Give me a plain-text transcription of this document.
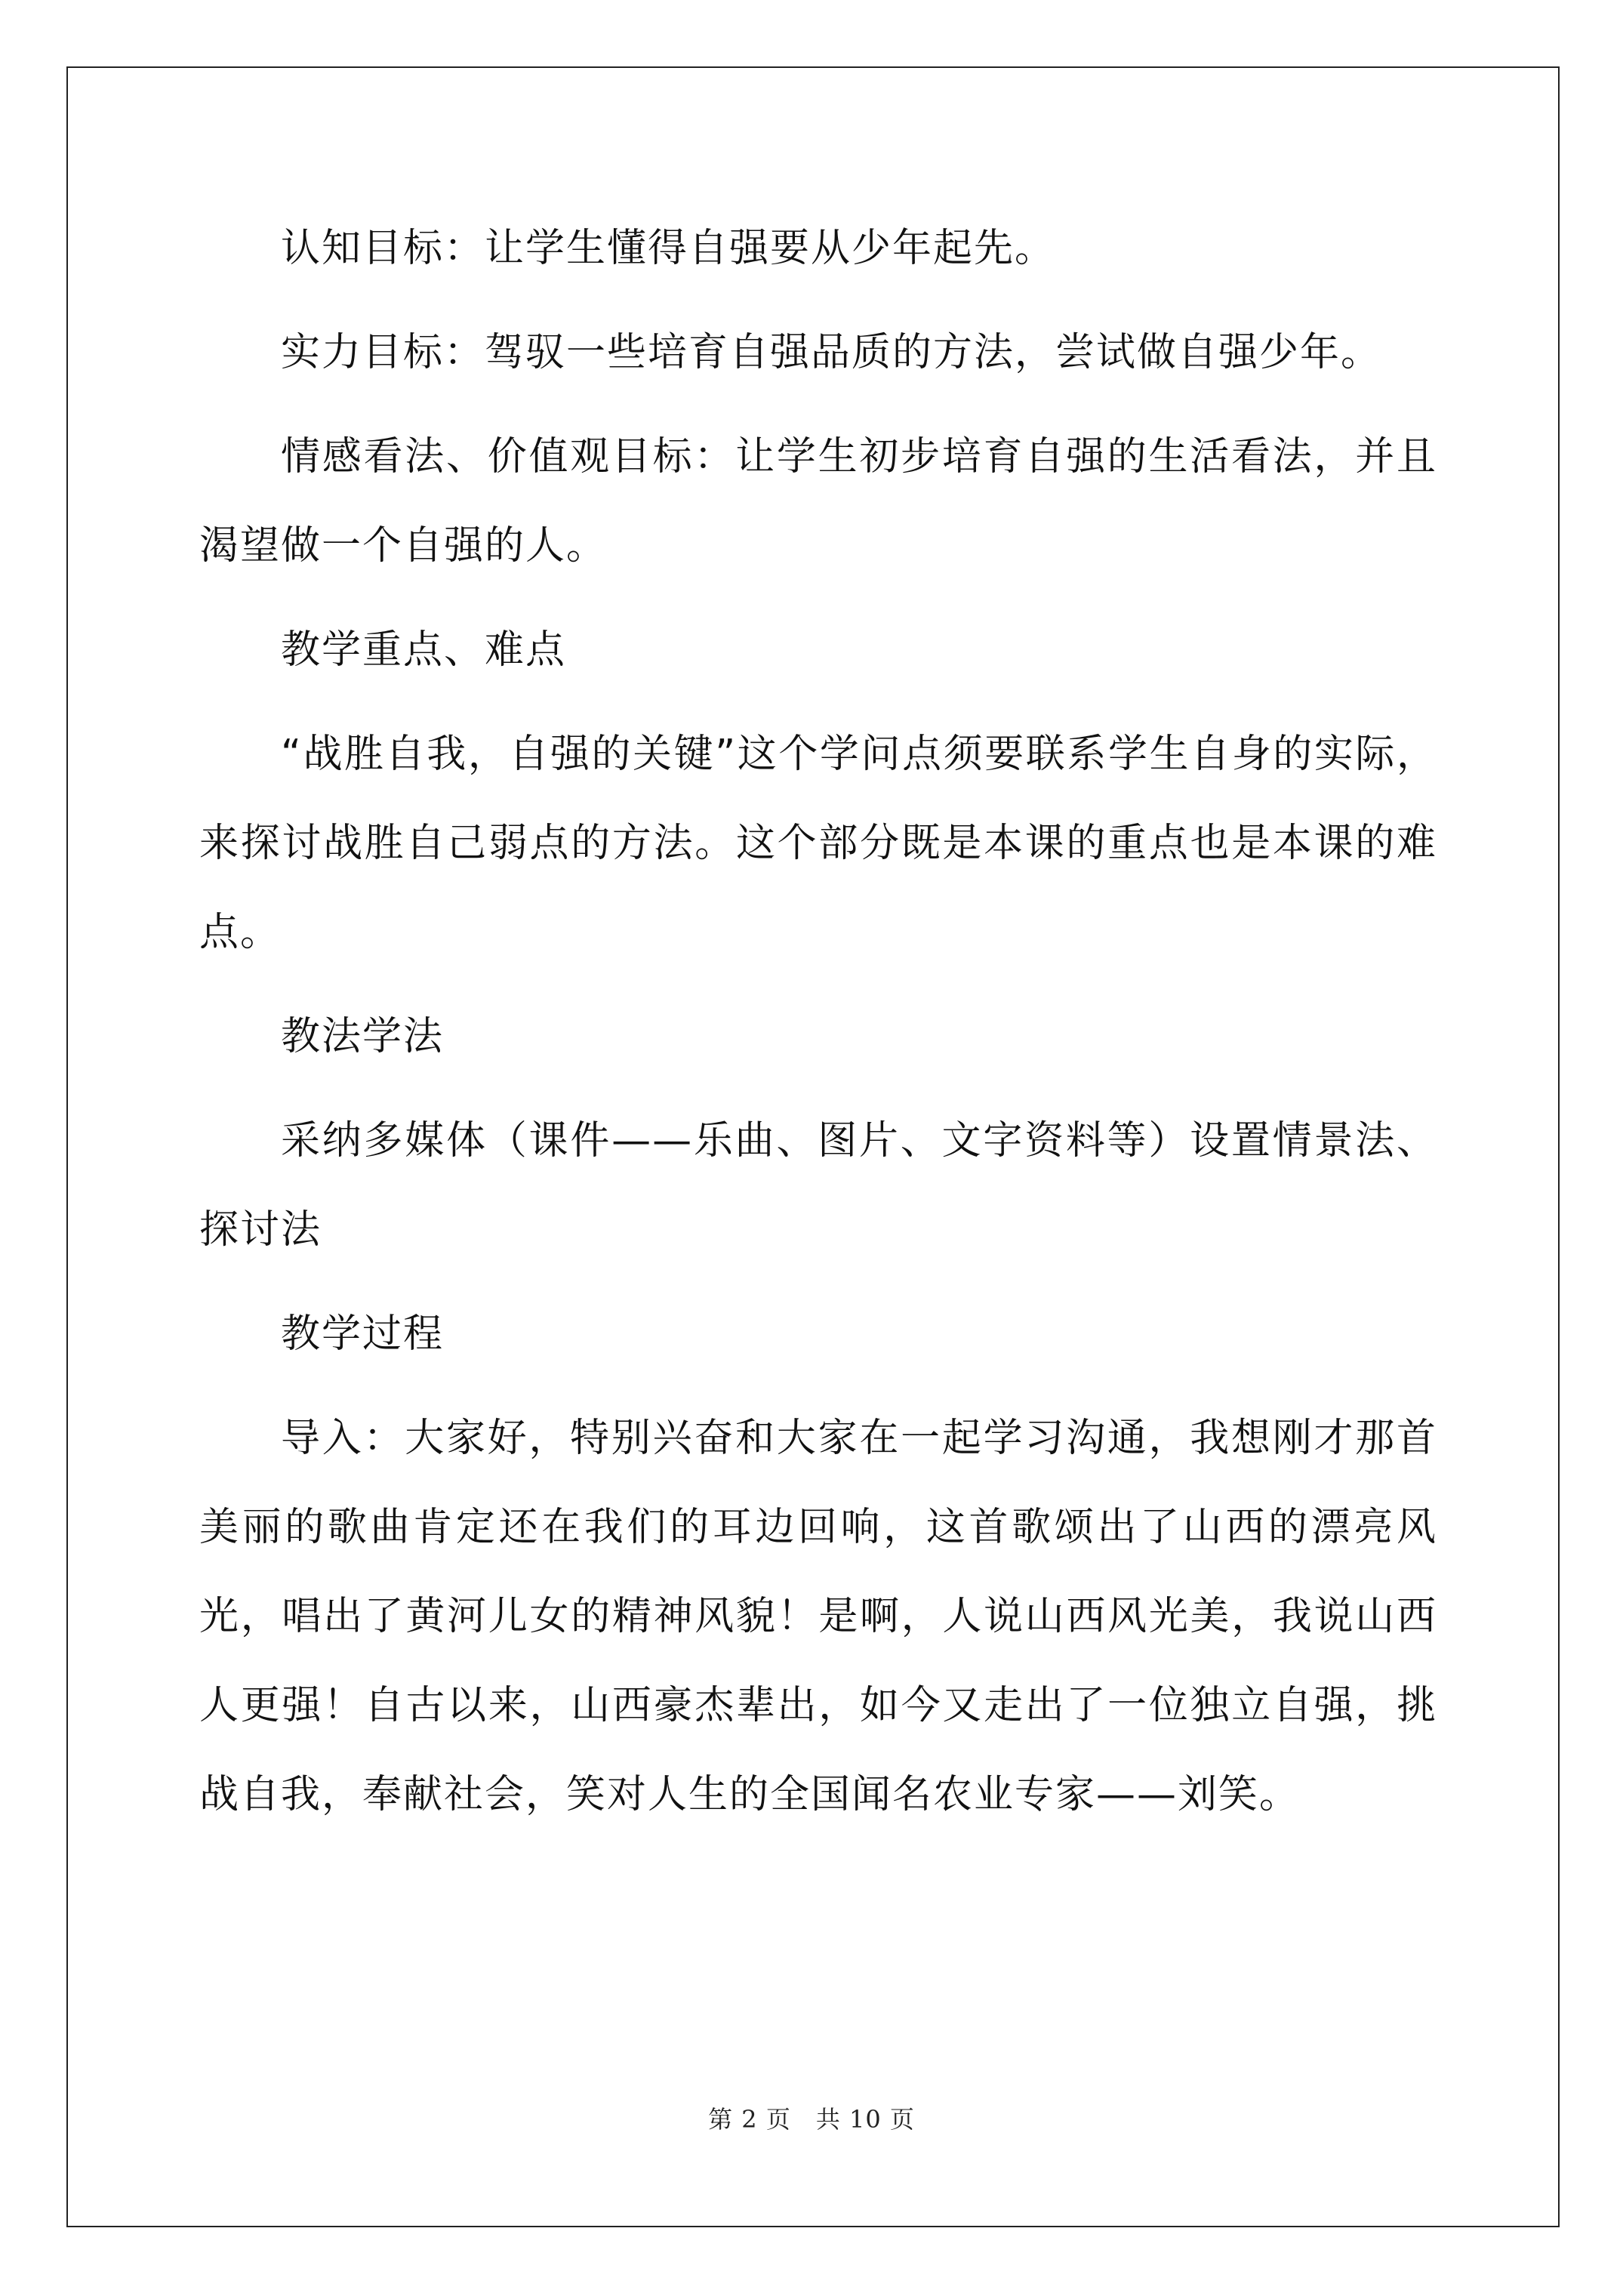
认知目标：让学生懂得自强要从少年起先。

实力目标：驾驭一些培育自强品质的方法，尝试做自强少年。

情感看法、价值观目标：让学生初步培育自强的生活看法，并且渴望做一个自强的人。

教学重点、难点

“战胜自我，自强的关键”这个学问点须要联系学生自身的实际，来探讨战胜自己弱点的方法。这个部分既是本课的重点也是本课的难点。

教法学法

采纳多媒体（课件——乐曲、图片、文字资料等）设置情景法、探讨法

教学过程

导入：大家好，特别兴奋和大家在一起学习沟通，我想刚才那首美丽的歌曲肯定还在我们的耳边回响，这首歌颂出了山西的漂亮风光，唱出了黄河儿女的精神风貌！是啊，人说山西风光美，我说山西人更强！自古以来，山西豪杰辈出，如今又走出了一位独立自强，挑战自我，奉献社会，笑对人生的全国闻名农业专家——刘笑。

第 2 页　共 10 页
